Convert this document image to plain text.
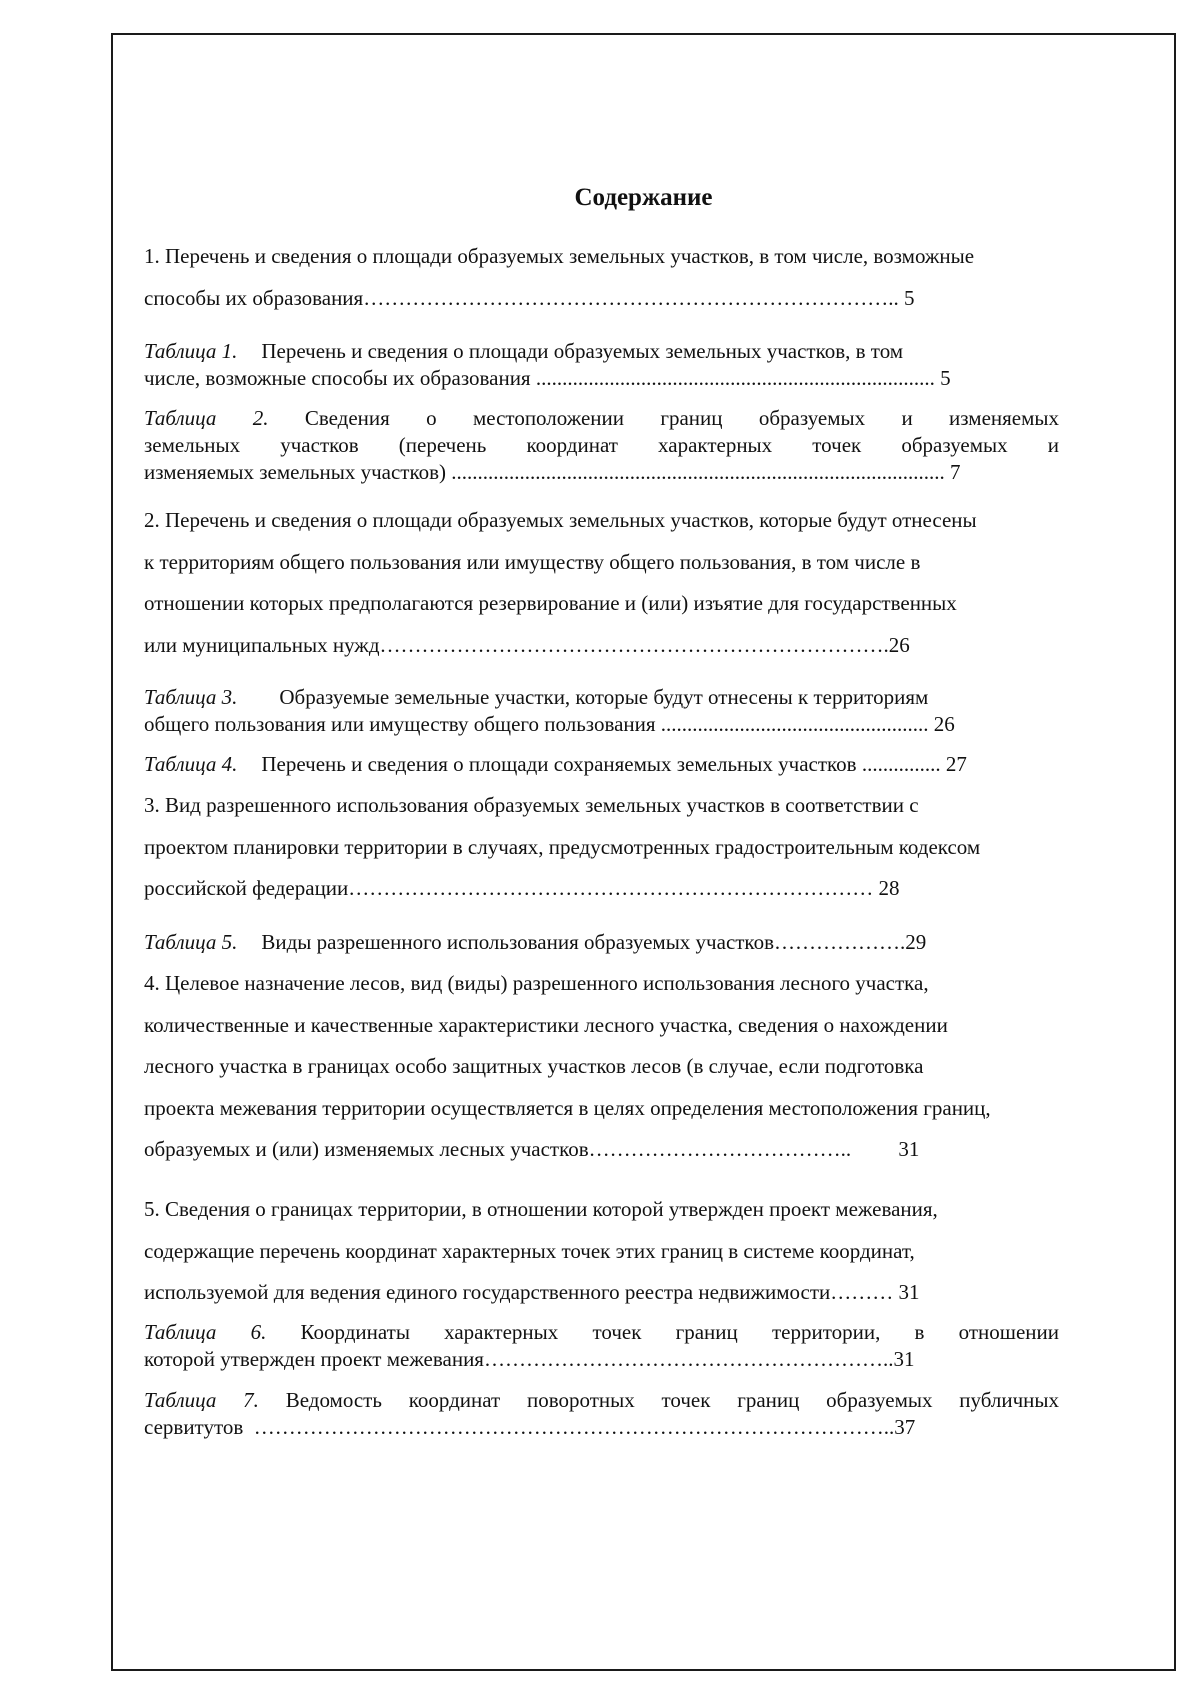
Содержание
1. Перечень и сведения о площади образуемых земельных участков, в том числе, возможные
способы их образования………………………………………………………………….. 5
Таблица 1. Перечень и сведения о площади образуемых земельных участков, в том
числе, возможные способы их образования ............................................................................ 5
Таблица 2. Сведения о местоположении границ образуемых и изменяемых
земельных участков (перечень координат характерных точек образуемых и
изменяемых земельных участков) .............................................................................................. 7
2. Перечень и сведения о площади образуемых земельных участков, которые будут отнесены
к территориям общего пользования или имуществу общего пользования, в том числе в
отношении которых предполагаются резервирование и (или) изъятие для государственных
или муниципальных нужд……………………………………………………………….26
Таблица 3. Образуемые земельные участки, которые будут отнесены к территориям
общего пользования или имуществу общего пользования ................................................... 26
Таблица 4. Перечень и сведения о площади сохраняемых земельных участков ............... 27
3. Вид разрешенного использования образуемых земельных участков в соответствии с
проектом планировки территории в случаях, предусмотренных градостроительным кодексом
российской федерации………………………………………………………………… 28
Таблица 5. Виды разрешенного использования образуемых участков……………….29
4. Целевое назначение лесов, вид (виды) разрешенного использования лесного участка,
количественные и качественные характеристики лесного участка, сведения о нахождении
лесного участка в границах особо защитных участков лесов (в случае, если подготовка
проекта межевания территории осуществляется в целях определения местоположения границ,
образуемых и (или) изменяемых лесных участков………………………………..         31
5. Сведения о границах территории, в отношении которой утвержден проект межевания,
содержащие перечень координат характерных точек этих границ в системе координат,
используемой для ведения единого государственного реестра недвижимости……… 31
Таблица 6. Координаты характерных точек границ территории, в отношении
которой утвержден проект межевания…………………………………………………..31
Таблица 7. Ведомость координат поворотных точек границ образуемых публичных
сервитутов  ………………………………………………………………………………..37
